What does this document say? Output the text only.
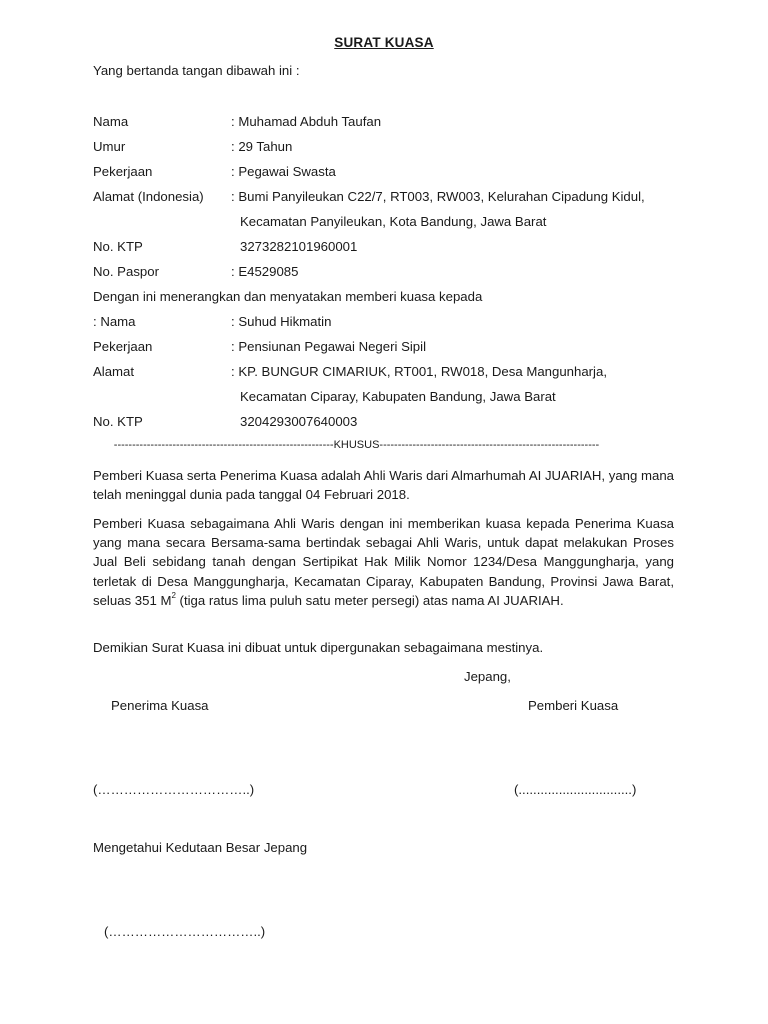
SURAT KUASA
Yang bertanda tangan dibawah ini :
Nama	: Muhamad Abduh Taufan
Umur	: 29 Tahun
Pekerjaan	: Pegawai Swasta
Alamat (Indonesia) : Bumi Panyileukan C22/7, RT003, RW003, Kelurahan Cipadung Kidul,
Kecamatan Panyileukan, Kota Bandung, Jawa Barat
No. KTP	3273282101960001
No. Paspor	: E4529085
Dengan ini menerangkan dan menyatakan memberi kuasa kepada
: Nama	: Suhud Hikmatin
Pekerjaan	: Pensiunan Pegawai Negeri Sipil
Alamat	: KP. BUNGUR CIMARIUK, RT001, RW018, Desa Mangunharja,
Kecamatan Ciparay, Kabupaten Bandung, Jawa Barat
No. KTP	3204293007640003
------------------------------------------------------------KHUSUS------------------------------------------------------------
Pemberi Kuasa serta Penerima Kuasa adalah Ahli Waris dari Almarhumah AI JUARIAH, yang mana telah meninggal dunia pada tanggal 04 Februari 2018.
Pemberi Kuasa sebagaimana Ahli Waris dengan ini memberikan kuasa kepada Penerima Kuasa yang mana secara Bersama-sama bertindak sebagai Ahli Waris, untuk dapat melakukan Proses Jual Beli sebidang tanah dengan Sertipikat Hak Milik Nomor 1234/Desa Manggungharja, yang terletak di Desa Manggungharja, Kecamatan Ciparay, Kabupaten Bandung, Provinsi Jawa Barat, seluas 351 $M^2$ (tiga ratus lima puluh satu meter persegi) atas nama AI JUARIAH.
Demikian Surat Kuasa ini dibuat untuk dipergunakan sebagaimana mestinya.
Jepang,
Penerima Kuasa	Pemberi Kuasa
(……………………………..)	(...............................)
Mengetahui Kedutaan Besar Jepang
(……………………………..)
